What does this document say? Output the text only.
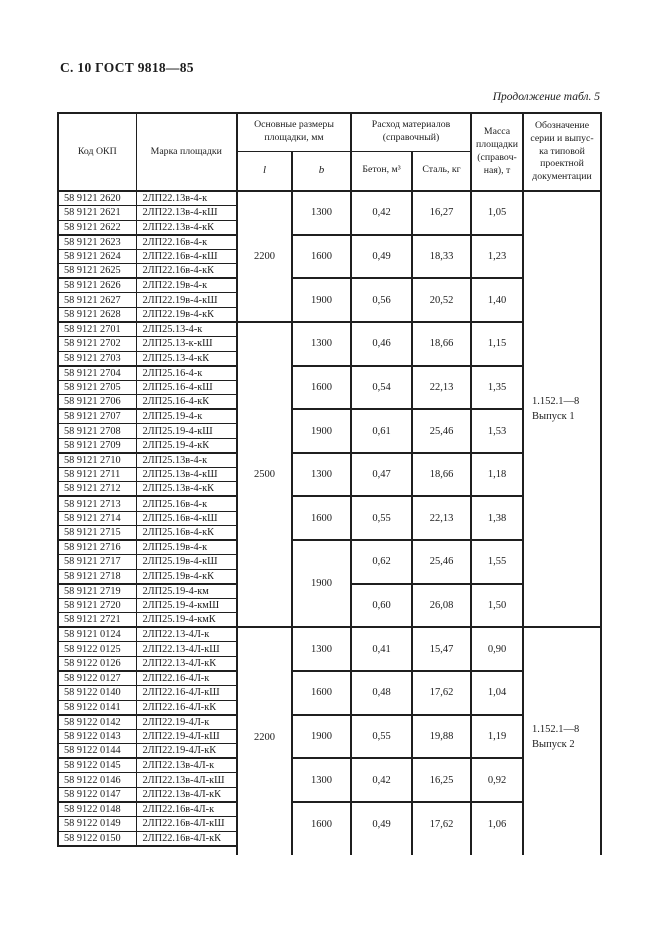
С. 10 ГОСТ 9818—85
Продолжение табл. 5
Код ОКП	Марка площадки	Основные размеры
площадки, мм		Расход материалов
(справочный)		Масса
площадки
(справоч-
ная), т	Обозначение
серии и выпус-
ка типовой
проектной
документации
		l	b	Бетон, м³	Сталь, кг		
58 9121 2620	2ЛП22.13в-4-к	2200	1300	0,42	16,27	1,05	1.152.1—8
Выпуск 1

58 9121 2621	2ЛП22.13в-4-кШ						
58 9121 2622	2ЛП22.13в-4-кК						
58 9121 2623	2ЛП22.16в-4-к		1600	0,49	18,33	1,23	
58 9121 2624	2ЛП22.16в-4-кШ						
58 9121 2625	2ЛП22.16в-4-кК						
58 9121 2626	2ЛП22.19в-4-к		1900	0,56	20,52	1,40	
58 9121 2627	2ЛП22.19в-4-кШ						
58 9121 2628	2ЛП22.19в-4-кК						
58 9121 2701	2ЛП25.13-4-к	2500	1300	0,46	18,66	1,15	
58 9121 2702	2ЛП25.13-к-кШ						
58 9121 2703	2ЛП25.13-4-кК						
58 9121 2704	2ЛП25.16-4-к		1600	0,54	22,13	1,35	
58 9121 2705	2ЛП25.16-4-кШ						
58 9121 2706	2ЛП25.16-4-кК						
58 9121 2707	2ЛП25.19-4-к		1900	0,61	25,46	1,53	
58 9121 2708	2ЛП25.19-4-кШ						
58 9121 2709	2ЛП25.19-4-кК						
58 9121 2710	2ЛП25.13в-4-к		1300	0,47	18,66	1,18	
58 9121 2711	2ЛП25.13в-4-кШ						
58 9121 2712	2ЛП25.13в-4-кК						
58 9121 2713	2ЛП25.16в-4-к		1600	0,55	22,13	1,38	
58 9121 2714	2ЛП25.16в-4-кШ						
58 9121 2715	2ЛП25.16в-4-кК						
58 9121 2716	2ЛП25.19в-4-к		1900	0,62	25,46	1,55	
58 9121 2717	2ЛП25.19в-4-кШ						
58 9121 2718	2ЛП25.19в-4-кК						
58 9121 2719	2ЛП25.19-4-км			0,60	26,08	1,50	
58 9121 2720	2ЛП25.19-4-кмШ						
58 9121 2721	2ЛП25.19-4-кмК						
58 9121 0124	2ЛП22.13-4Л-к	2200	1300	0,41	15,47	0,90	1.152.1—8
Выпуск 2

58 9122 0125	2ЛП22.13-4Л-кШ						
58 9122 0126	2ЛП22.13-4Л-кК						
58 9122 0127	2ЛП22.16-4Л-к		1600	0,48	17,62	1,04	
58 9122 0140	2ЛП22.16-4Л-кШ						
58 9122 0141	2ЛП22.16-4Л-кК						
58 9122 0142	2ЛП22.19-4Л-к		1900	0,55	19,88	1,19	
58 9122 0143	2ЛП22.19-4Л-кШ						
58 9122 0144	2ЛП22.19-4Л-кК						
58 9122 0145	2ЛП22.13в-4Л-к		1300	0,42	16,25	0,92	
58 9122 0146	2ЛП22.13в-4Л-кШ						
58 9122 0147	2ЛП22.13в-4Л-кК						
58 9122 0148	2ЛП22.16в-4Л-к		1600	0,49	17,62	1,06	
58 9122 0149	2ЛП22.16в-4Л-кШ						
58 9122 0150	2ЛП22.16в-4Л-кК						
